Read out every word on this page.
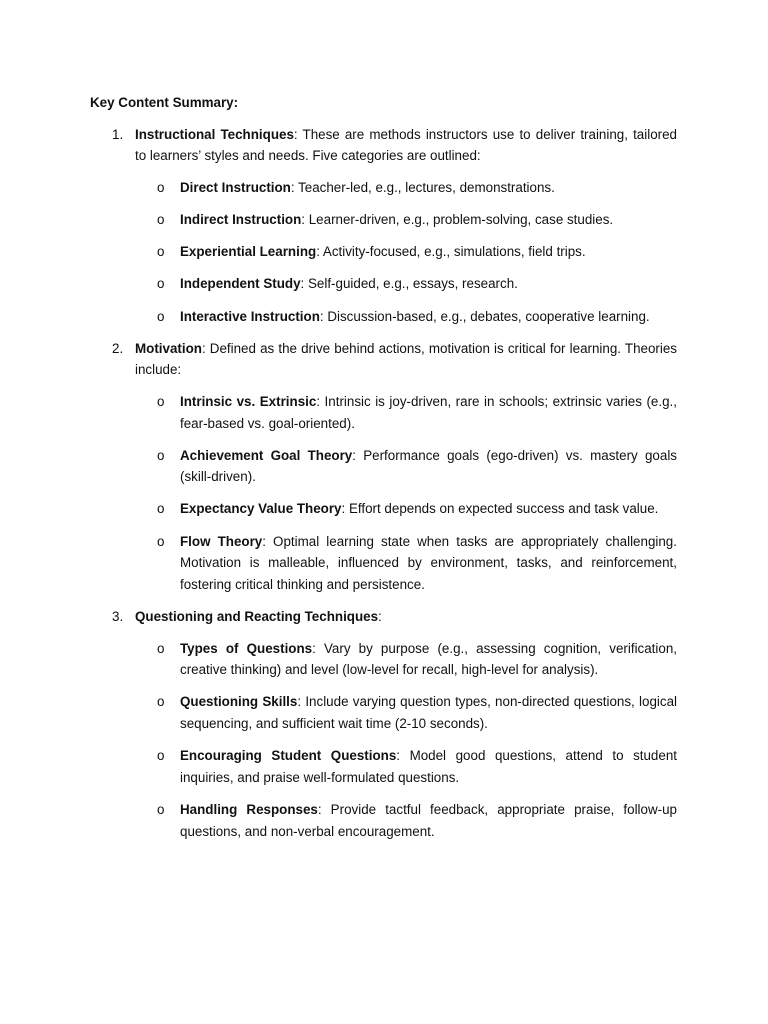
Key Content Summary:

1. Instructional Techniques: These are methods instructors use to deliver training, tailored to learners’ styles and needs. Five categories are outlined:

o Direct Instruction: Teacher-led, e.g., lectures, demonstrations.
o Indirect Instruction: Learner-driven, e.g., problem-solving, case studies.
o Experiential Learning: Activity-focused, e.g., simulations, field trips.
o Independent Study: Self-guided, e.g., essays, research.
o Interactive Instruction: Discussion-based, e.g., debates, cooperative learning.
2. Motivation: Defined as the drive behind actions, motivation is critical for learning. Theories include:

o Intrinsic vs. Extrinsic: Intrinsic is joy-driven, rare in schools; extrinsic varies (e.g., fear-based vs. goal-oriented).
o Achievement Goal Theory: Performance goals (ego-driven) vs. mastery goals (skill-driven).
o Expectancy Value Theory: Effort depends on expected success and task value.
o Flow Theory: Optimal learning state when tasks are appropriately challenging. Motivation is malleable, influenced by environment, tasks, and reinforcement, fostering critical thinking and persistence.
3. Questioning and Reacting Techniques:

o Types of Questions: Vary by purpose (e.g., assessing cognition, verification, creative thinking) and level (low-level for recall, high-level for analysis).
o Questioning Skills: Include varying question types, non-directed questions, logical sequencing, and sufficient wait time (2-10 seconds).
o Encouraging Student Questions: Model good questions, attend to student inquiries, and praise well-formulated questions.
o Handling Responses: Provide tactful feedback, appropriate praise, follow-up questions, and non-verbal encouragement.
